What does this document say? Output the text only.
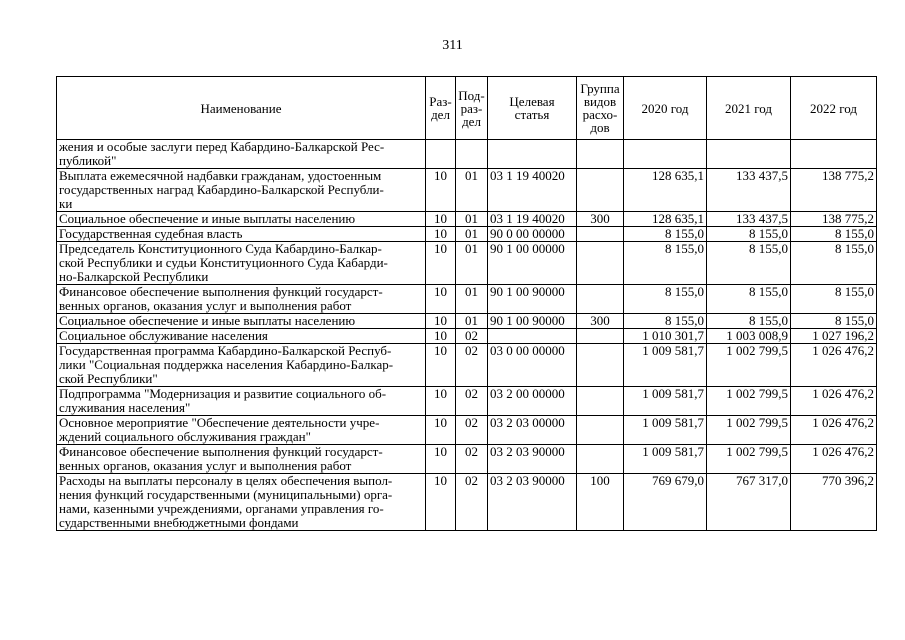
311
Наименование	Раз-
дел	Под-
раз-
дел	Целевая
статья	Группа
видов
расхо-
дов	2020 год	2021 год	2022 год
жения и особые заслуги перед Кабардино-Балкарской Рес-
публикой"							
Выплата ежемесячной надбавки гражданам, удостоенным
государственных наград Кабардино-Балкарской Республи-
ки	10	01	03 1 19 40020		128 635,1	133 437,5	138 775,2
Социальное обеспечение и иные выплаты населению	10	01	03 1 19 40020	300	128 635,1	133 437,5	138 775,2
Государственная судебная власть	10	01	90 0 00 00000		8 155,0	8 155,0	8 155,0
Председатель Конституционного Суда Кабардино-Балкар-
ской Республики и судьи Конституционного Суда Кабарди-
но-Балкарской Республики	10	01	90 1 00 00000		8 155,0	8 155,0	8 155,0
Финансовое обеспечение выполнения функций государст-
венных органов, оказания услуг и выполнения работ	10	01	90 1 00 90000		8 155,0	8 155,0	8 155,0
Социальное обеспечение и иные выплаты населению	10	01	90 1 00 90000	300	8 155,0	8 155,0	8 155,0
Социальное обслуживание населения	10	02			1 010 301,7	1 003 008,9	1 027 196,2
Государственная программа Кабардино-Балкарской Респуб-
лики "Социальная поддержка населения Кабардино-Балкар-
ской Республики"	10	02	03 0 00 00000		1 009 581,7	1 002 799,5	1 026 476,2
Подпрограмма "Модернизация и развитие социального об-
служивания населения"	10	02	03 2 00 00000		1 009 581,7	1 002 799,5	1 026 476,2
Основное мероприятие "Обеспечение деятельности учре-
ждений социального обслуживания граждан"	10	02	03 2 03 00000		1 009 581,7	1 002 799,5	1 026 476,2
Финансовое обеспечение выполнения функций государст-
венных органов, оказания услуг и выполнения работ	10	02	03 2 03 90000		1 009 581,7	1 002 799,5	1 026 476,2
Расходы на выплаты персоналу в целях обеспечения выпол-
нения функций государственными (муниципальными) орга-
нами, казенными учреждениями, органами управления го-
сударственными внебюджетными фондами	10	02	03 2 03 90000	100	769 679,0	767 317,0	770 396,2
